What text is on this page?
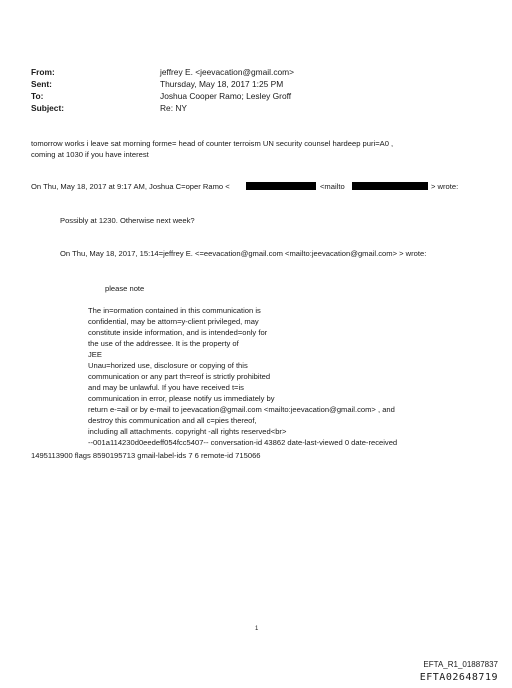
From:	jeffrey E. <jeevacation@gmail.com>
Sent:	Thursday, May 18, 2017 1:25 PM
To:	Joshua Cooper Ramo; Lesley Groff
Subject:	Re: NY
tomorrow works i leave sat morning forme= head of counter terroism UN security counsel hardeep puri=A0 ,
coming at 1030 if you have interest
On Thu, May 18, 2017 at 9:17 AM, Joshua C=oper Ramo <	<mailto	> wrote:
Possibly at 1230. Otherwise next week?
On Thu, May 18, 2017, 15:14=jeffrey E. <=eevacation@gmail.com <mailto:jeevacation@gmail.com> > wrote:
please note
The in=ormation contained in this communication is
confidential, may be attorn=y-client privileged, may
constitute inside information, and is intended=only for
the use of the addressee. It is the property of
JEE
Unau=horized use, disclosure or copying of this
communication or any part th=reof is strictly prohibited
and may be unlawful. If you have received t=is
communication in error, please notify us immediately by
return e-=ail or by e-mail to jeevacation@gmail.com <mailto:jeevacation@gmail.com> , and
destroy this communication and all c=pies thereof,
including all attachments. copyright -all rights reserved<br>
--001a114230d0eedeff054fcc5407-- conversation-id 43862 date-last-viewed 0 date-received
1495113900 flags 8590195713 gmail-label-ids 7 6 remote-id 715066
1
EFTA_R1_01887837
EFTA02648719
